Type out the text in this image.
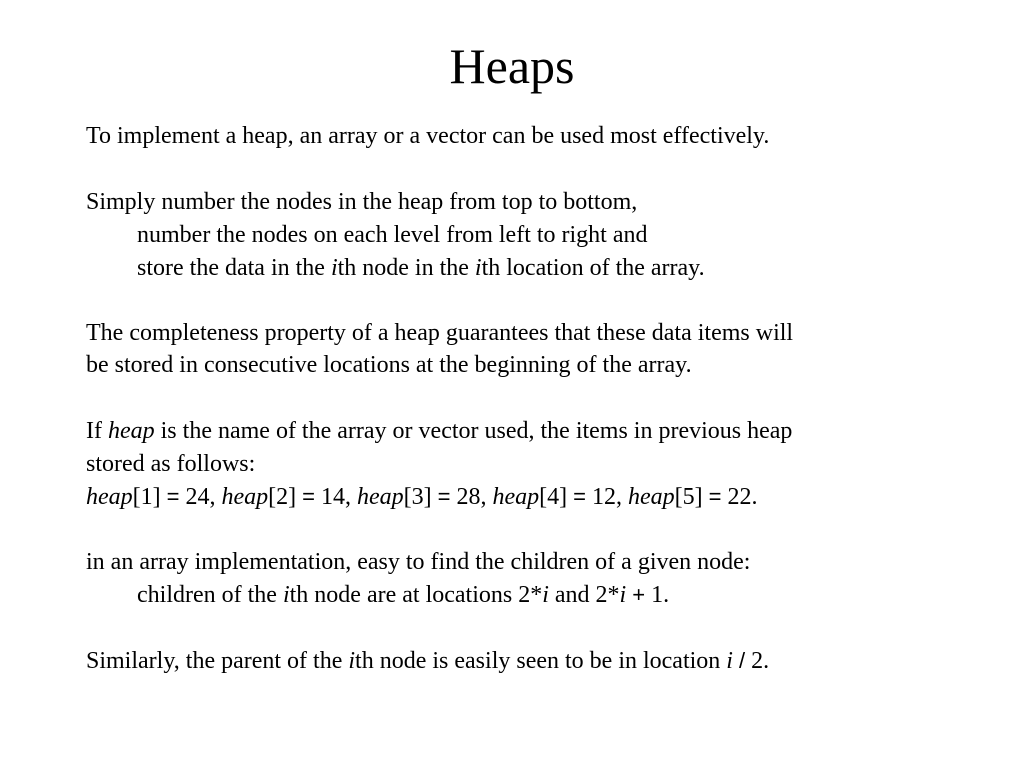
Heaps
To implement a heap, an array or a vector can be used most effectively.
Simply number the nodes in the heap from top to bottom,
number the nodes on each level from left to right and
store the data in the ith node in the ith location of the array.
The completeness property of a heap guarantees that these data items will
be stored in consecutive locations at the beginning of the array.
If heap is the name of the array or vector used, the items in previous heap
stored as follows:
heap[1] = 24, heap[2] = 14, heap[3] = 28, heap[4] = 12, heap[5] = 22.
in an array implementation, easy to find the children of a given node:
children of the ith node are at locations 2*i and 2*i + 1.
Similarly, the parent of the ith node is easily seen to be in location i / 2.
